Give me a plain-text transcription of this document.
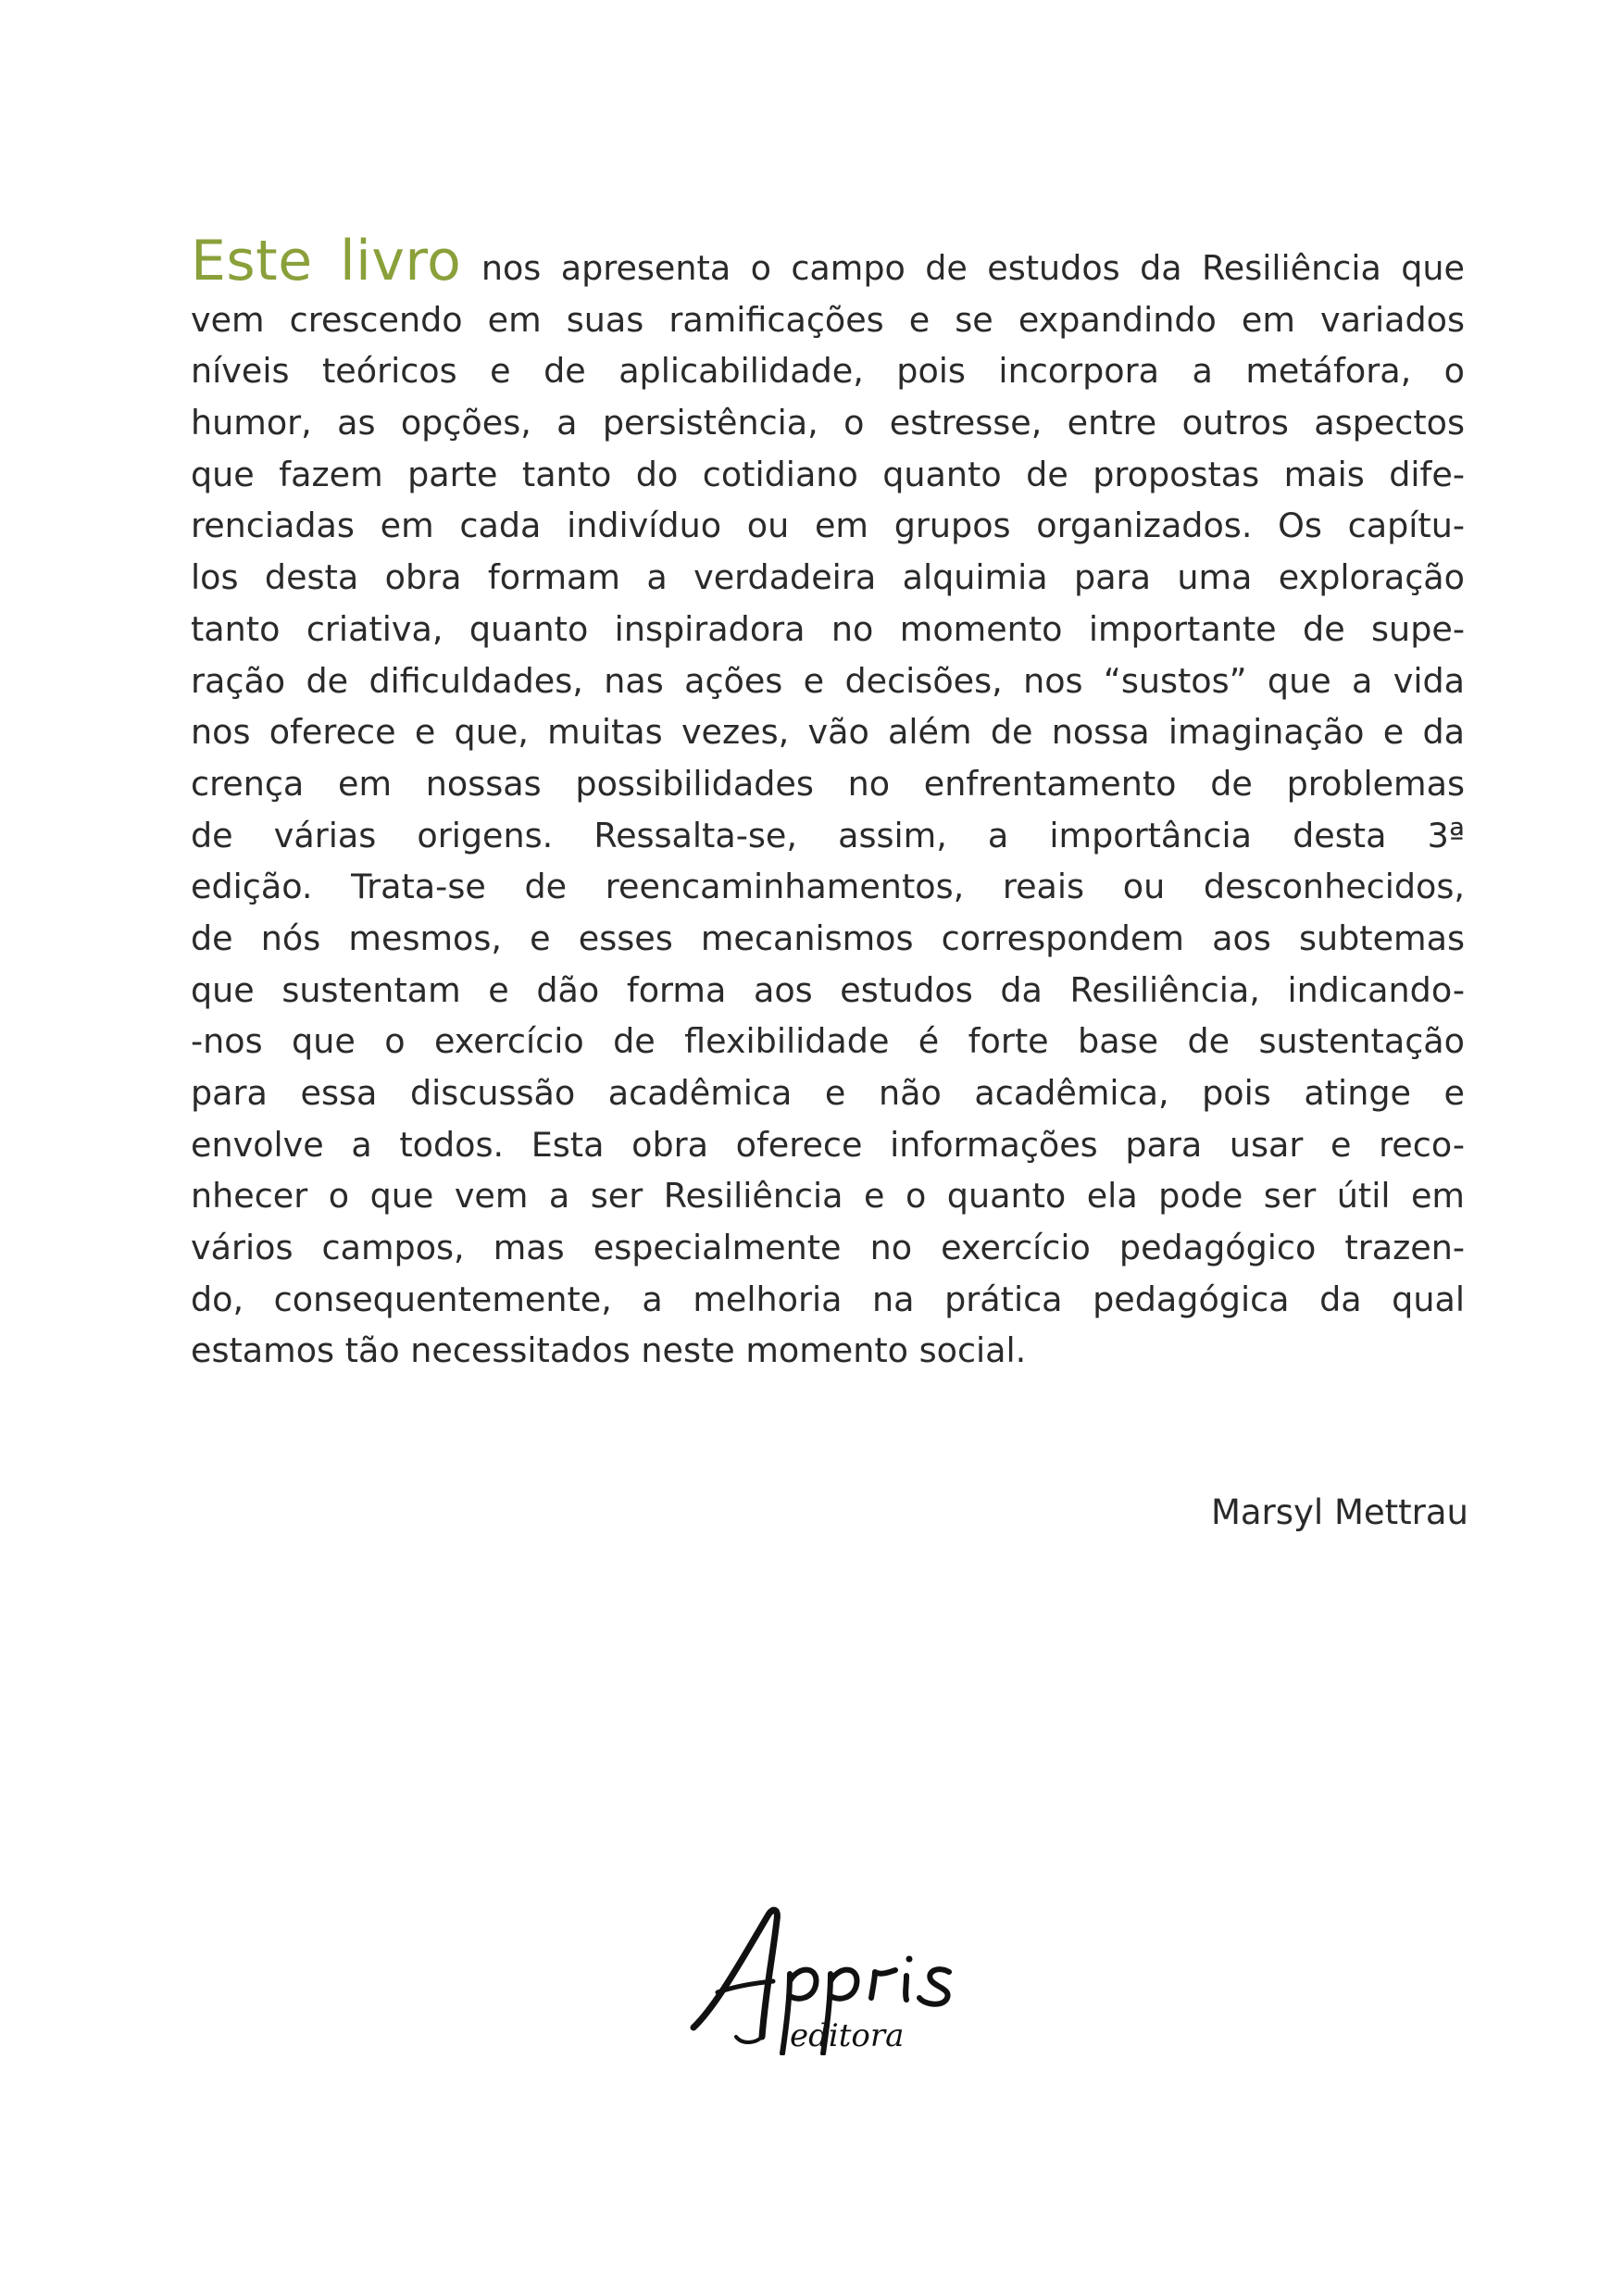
Este livro nos apresenta o campo de estudos da Resiliência que
vem crescendo em suas ramificações e se expandindo em variados
níveis teóricos e de aplicabilidade, pois incorpora a metáfora, o
humor, as opções, a persistência, o estresse, entre outros aspectos
que fazem parte tanto do cotidiano quanto de propostas mais dife-
renciadas em cada indivíduo ou em grupos organizados. Os capítu-
los desta obra formam a verdadeira alquimia para uma exploração
tanto criativa, quanto inspiradora no momento importante de supe-
ração de dificuldades, nas ações e decisões, nos “sustos” que a vida
nos oferece e que, muitas vezes, vão além de nossa imaginação e da
crença em nossas possibilidades no enfrentamento de problemas
de várias origens. Ressalta-se, assim, a importância desta 3ª
edição. Trata-se de reencaminhamentos, reais ou desconhecidos,
de nós mesmos, e esses mecanismos correspondem aos subtemas
que sustentam e dão forma aos estudos da Resiliência, indicando-
-nos que o exercício de flexibilidade é forte base de sustentação
para essa discussão acadêmica e não acadêmica, pois atinge e
envolve a todos. Esta obra oferece informações para usar e reco-
nhecer o que vem a ser Resiliência e o quanto ela pode ser útil em
vários campos, mas especialmente no exercício pedagógico trazen-
do, consequentemente, a melhoria na prática pedagógica da qual
estamos tão necessitados neste momento social.

Marsyl Mettrau

editora
